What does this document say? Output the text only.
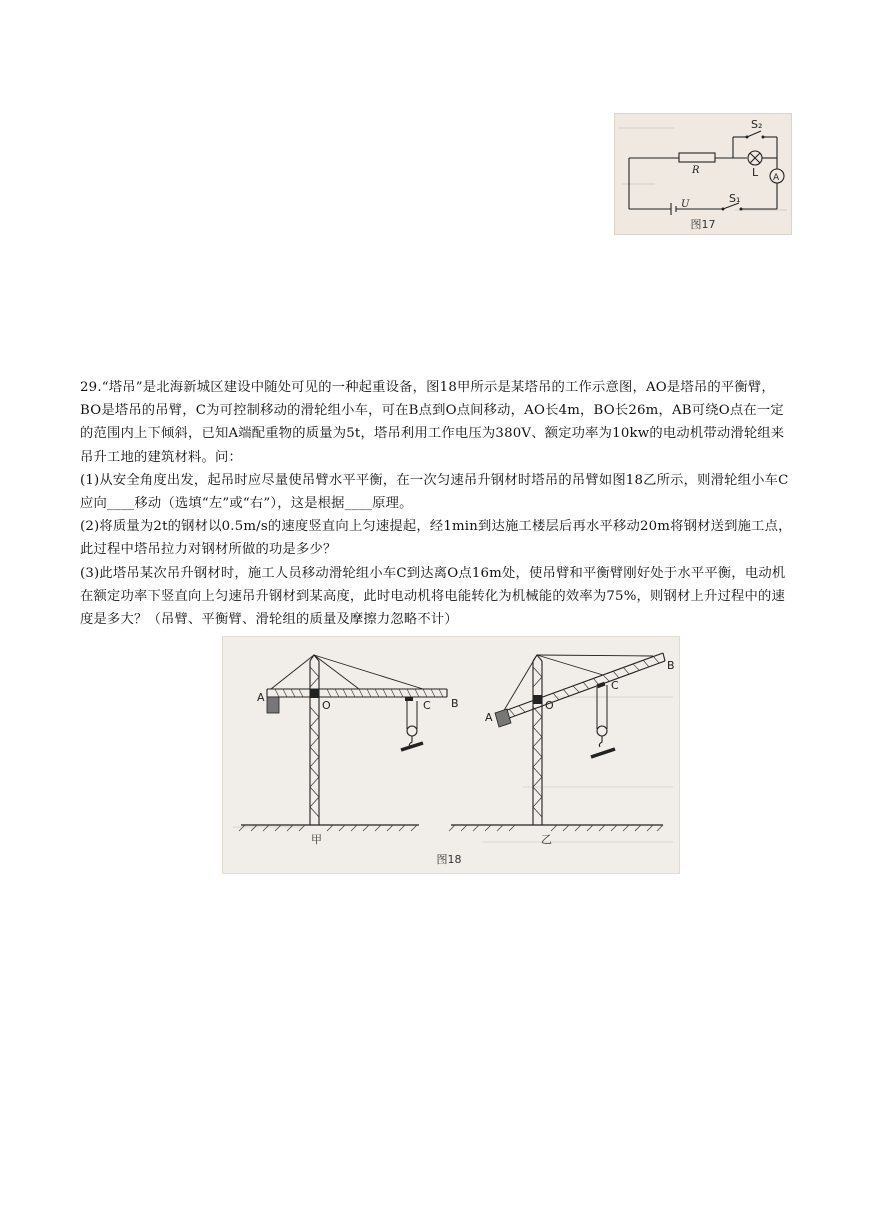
S₂
R	L A
U	S₁
图17

29.“塔吊”是北海新城区建设中随处可见的一种起重设备，图18甲所示是某塔吊的工作示意图，AO是塔吊的平衡臂，BO是塔吊的吊臂，C为可控制移动的滑轮组小车，可在B点到O点间移动，AO长4m，BO长26m，AB可绕O点在一定的范围内上下倾斜，已知A端配重物的质量为5t，塔吊利用工作电压为380V、额定功率为10kw的电动机带动滑轮组来吊升工地的建筑材料。问：

(1)从安全角度出发，起吊时应尽量使吊臂水平平衡，在一次匀速吊升钢材时塔吊的吊臂如图18乙所示，则滑轮组小车C应向____移动（选填“左”或“右”），这是根据____原理。

(2)将质量为2t的钢材以0.5m/s的速度竖直向上匀速提起，经1min到达施工楼层后再水平移动20m将钢材送到施工点，此过程中塔吊拉力对钢材所做的功是多少？

(3)此塔吊某次吊升钢材时，施工人员移动滑轮组小车C到达离O点16m处，使吊臂和平衡臂刚好处于水平平衡，电动机在额定功率下竖直向上匀速吊升钢材到某高度，此时电动机将电能转化为机械能的效率为75%，则钢材上升过程中的速度是多大？（吊臂、平衡臂、滑轮组的质量及摩擦力忽略不计）

A
O	B
C
甲
A
O
B
C
乙
图18
